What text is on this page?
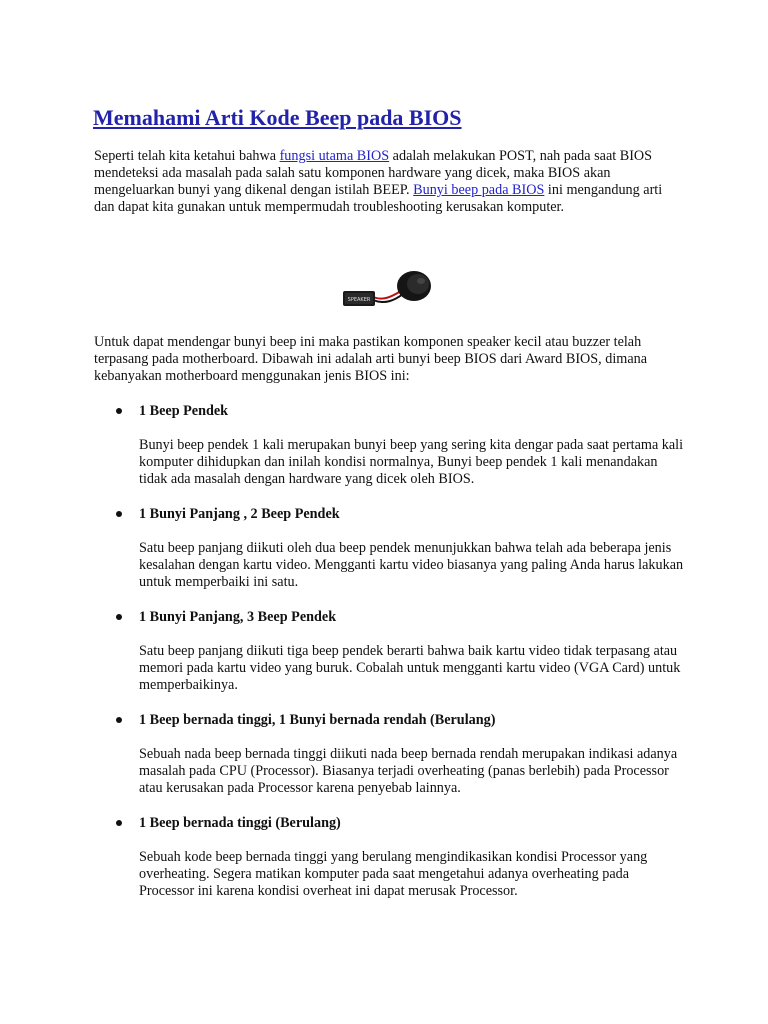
Memahami Arti Kode Beep pada BIOS

Seperti telah kita ketahui bahwa fungsi utama BIOS adalah melakukan POST, nah pada saat BIOS mendeteksi ada masalah pada salah satu komponen hardware yang dicek, maka BIOS akan mengeluarkan bunyi yang dikenal dengan istilah BEEP. Bunyi beep pada BIOS ini mengandung arti dan dapat kita gunakan untuk mempermudah troubleshooting kerusakan komputer.

SPEAKER

Untuk dapat mendengar bunyi beep ini maka pastikan komponen speaker kecil atau buzzer telah terpasang pada motherboard. Dibawah ini adalah arti bunyi beep BIOS dari Award BIOS, dimana kebanyakan motherboard menggunakan jenis BIOS ini:

1 Beep Pendek

Bunyi beep pendek 1 kali merupakan bunyi beep yang sering kita dengar pada saat pertama kali komputer dihidupkan dan inilah kondisi normalnya, Bunyi beep pendek 1 kali menandakan tidak ada masalah dengan hardware yang dicek oleh BIOS.

1 Bunyi Panjang , 2 Beep Pendek

Satu beep panjang diikuti oleh dua beep pendek menunjukkan bahwa telah ada beberapa jenis kesalahan dengan kartu video. Mengganti kartu video biasanya yang paling Anda harus lakukan untuk memperbaiki ini satu.

1 Bunyi Panjang, 3 Beep Pendek

Satu beep panjang diikuti tiga beep pendek berarti bahwa baik kartu video tidak terpasang atau memori pada kartu video yang buruk. Cobalah untuk mengganti kartu video (VGA Card) untuk memperbaikinya.

1 Beep bernada tinggi, 1 Bunyi bernada rendah (Berulang)

Sebuah nada beep bernada tinggi diikuti nada beep bernada rendah merupakan indikasi adanya masalah pada CPU (Processor). Biasanya terjadi overheating (panas berlebih) pada Processor atau kerusakan pada Processor karena penyebab lainnya.

1 Beep bernada tinggi (Berulang)

Sebuah kode beep bernada tinggi yang berulang mengindikasikan kondisi Processor yang overheating. Segera matikan komputer pada saat mengetahui adanya overheating pada Processor ini karena kondisi overheat ini dapat merusak Processor.
